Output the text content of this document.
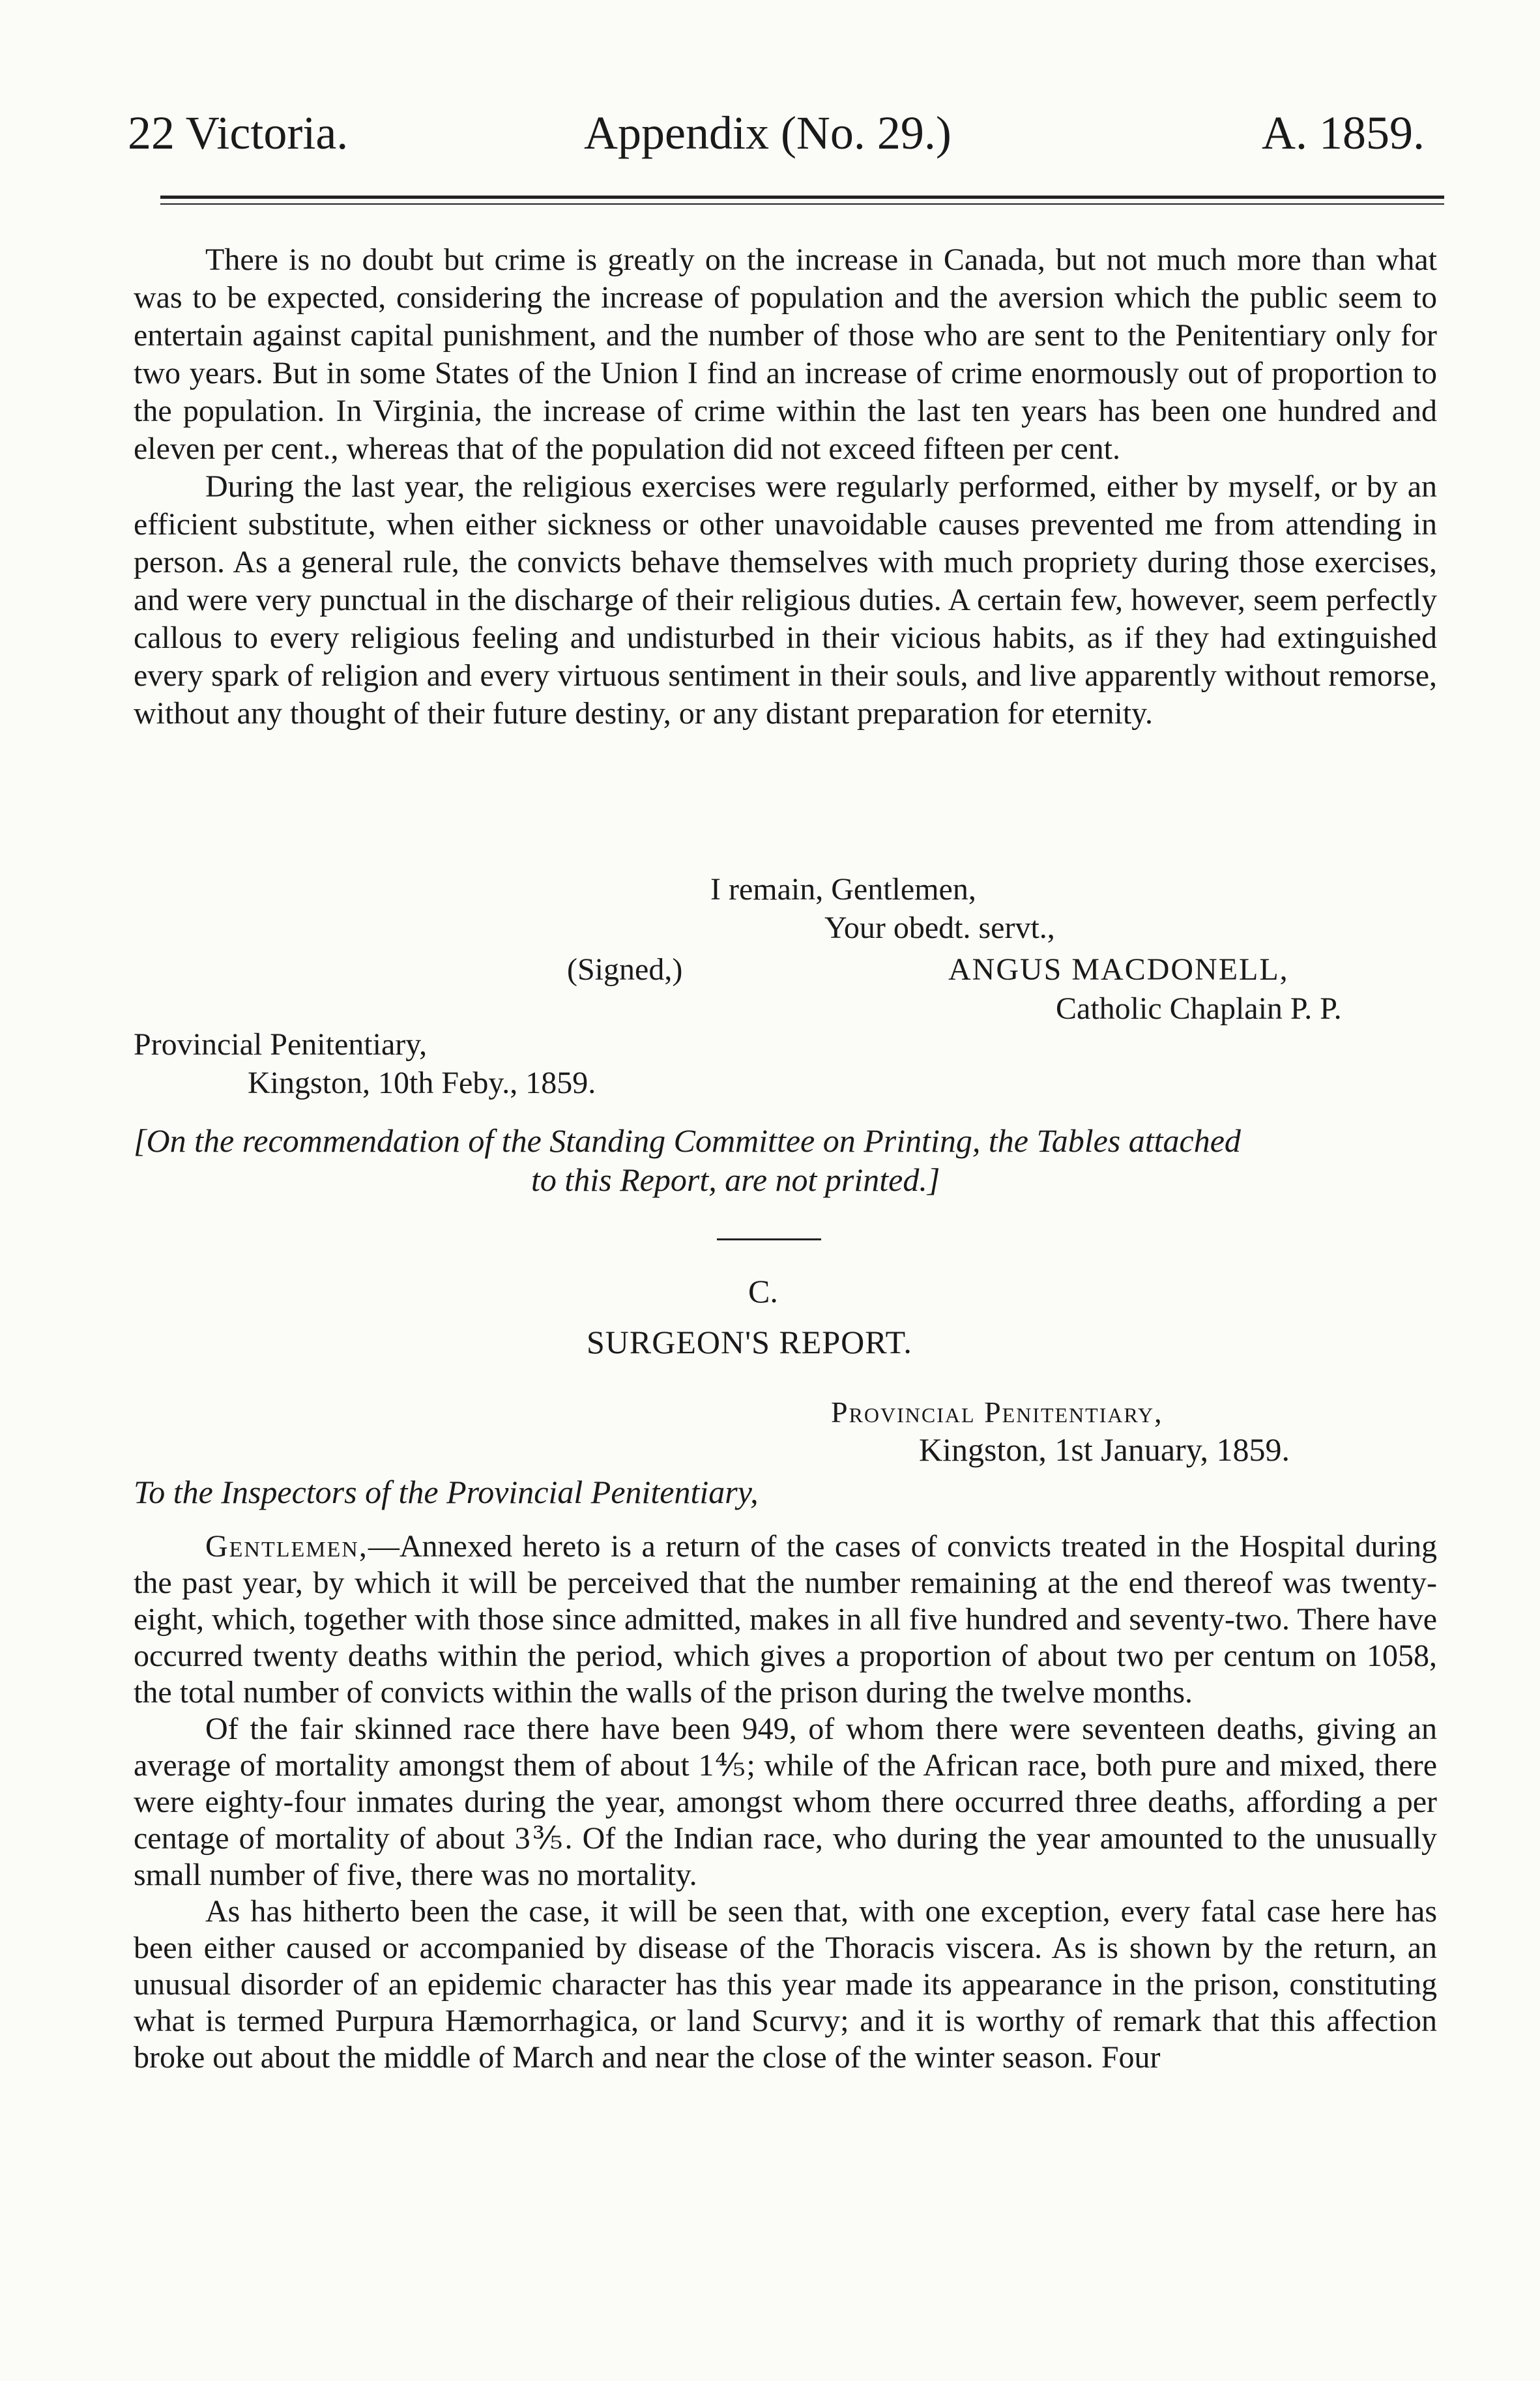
22 Victoria.	Appendix (No. 29.)	A. 1859.

There is no doubt but crime is greatly on the increase in Canada, but not much more than what was to be expected, considering the increase of population and the aversion which the public seem to entertain against capital punishment, and the number of those who are sent to the Penitentiary only for two years. But in some States of the Union I find an increase of crime enormously out of proportion to the population. In Virginia, the increase of crime within the last ten years has been one hundred and eleven per cent., whereas that of the population did not exceed fifteen per cent.

During the last year, the religious exercises were regularly performed, either by myself, or by an efficient substitute, when either sickness or other unavoidable causes prevented me from attending in person. As a general rule, the convicts behave themselves with much propriety during those exercises, and were very punctual in the discharge of their religious duties. A certain few, however, seem perfectly callous to every religious feeling and undisturbed in their vicious habits, as if they had extinguished every spark of religion and every virtuous sentiment in their souls, and live apparently without remorse, without any thought of their future destiny, or any distant preparation for eternity.

I remain, Gentlemen,
Your obedt. servt.,
(Signed,)	ANGUS MACDONELL,
Catholic Chaplain P. P.
Provincial Penitentiary,
Kingston, 10th Feby., 1859.
[On the recommendation of the Standing Committee on Printing, the Tables attached
to this Report, are not printed.]
C.
SURGEON'S REPORT.
Provincial Penitentiary,
Kingston, 1st January, 1859.
To the Inspectors of the Provincial Penitentiary,

Gentlemen,—Annexed hereto is a return of the cases of convicts treated in the Hospital during the past year, by which it will be perceived that the number remaining at the end thereof was twenty-eight, which, together with those since admitted, makes in all five hundred and seventy-two. There have occurred twenty deaths within the period, which gives a proportion of about two per centum on 1058, the total number of convicts within the walls of the prison during the twelve months.

Of the fair skinned race there have been 949, of whom there were seventeen deaths, giving an average of mortality amongst them of about 1⅘; while of the African race, both pure and mixed, there were eighty-four inmates during the year, amongst whom there occurred three deaths, affording a per centage of mortality of about 3⅗. Of the Indian race, who during the year amounted to the unusually small number of five, there was no mortality.

As has hitherto been the case, it will be seen that, with one exception, every fatal case here has been either caused or accompanied by disease of the Thoracis viscera. As is shown by the return, an unusual disorder of an epidemic character has this year made its appearance in the prison, constituting what is termed Purpura Hæmorrhagica, or land Scurvy; and it is worthy of remark that this affection broke out about the middle of March and near the close of the winter season. Four
